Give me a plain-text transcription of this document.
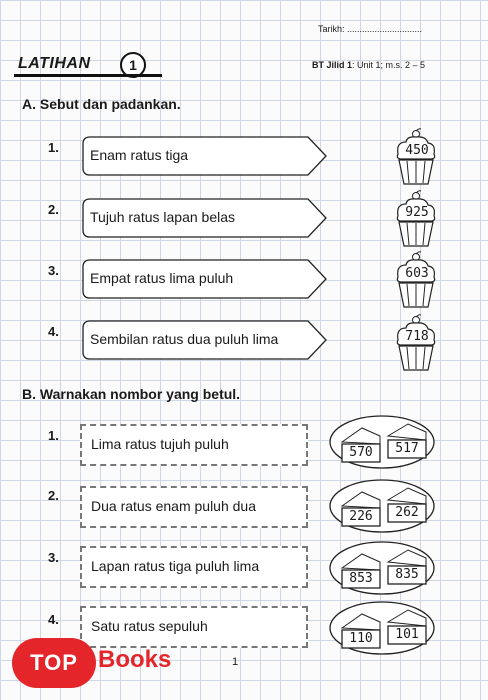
Tarikh: ..............................
LATIHAN	1	BT Jilid 1: Unit 1; m.s. 2 – 5
A. Sebut dan padankan.
1. Enam ratus tiga	450
2. Tujuh ratus lapan belas	925
3. Empat ratus lima puluh	603
4. Sembilan ratus dua puluh lima	718
B. Warnakan nombor yang betul.
1.
Lima ratus tujuh puluh
570	517
2.
Dua ratus enam puluh dua
226	262
3.
Lapan ratus tiga puluh lima
853	835
4. Satu ratus sepuluh
110	101
1
TOP Books
